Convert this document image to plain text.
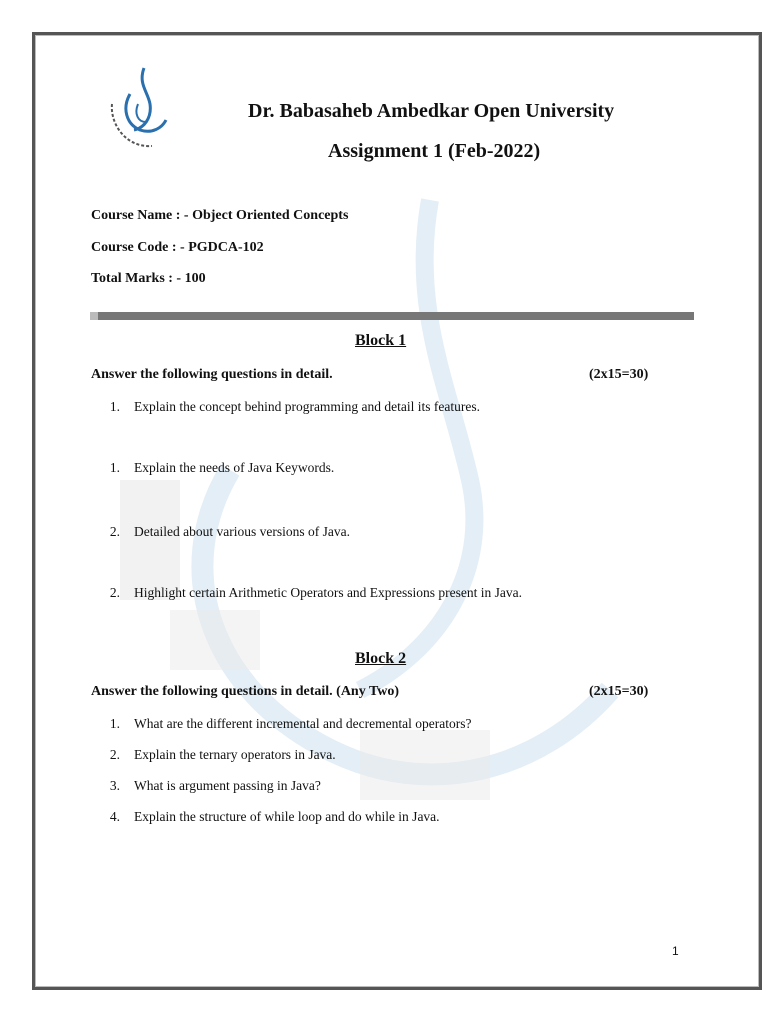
Dr. Babasaheb Ambedkar Open University
Assignment 1 (Feb-2022)
Course Name : - Object Oriented Concepts
Course Code : - PGDCA-102
Total Marks : - 100
Block 1
Answer the following questions in detail.	(2x15=30)
1. Explain the concept behind programming and detail its features.
1. Explain the needs of Java Keywords.
2. Detailed about various versions of Java.
2. Highlight certain Arithmetic Operators and Expressions present in Java.
Block 2
Answer the following questions in detail. (Any Two)	(2x15=30)
1. What are the different incremental and decremental operators?
2. Explain the ternary operators in Java.
3. What is argument passing in Java?
4. Explain the structure of while loop and do while in Java.
1
